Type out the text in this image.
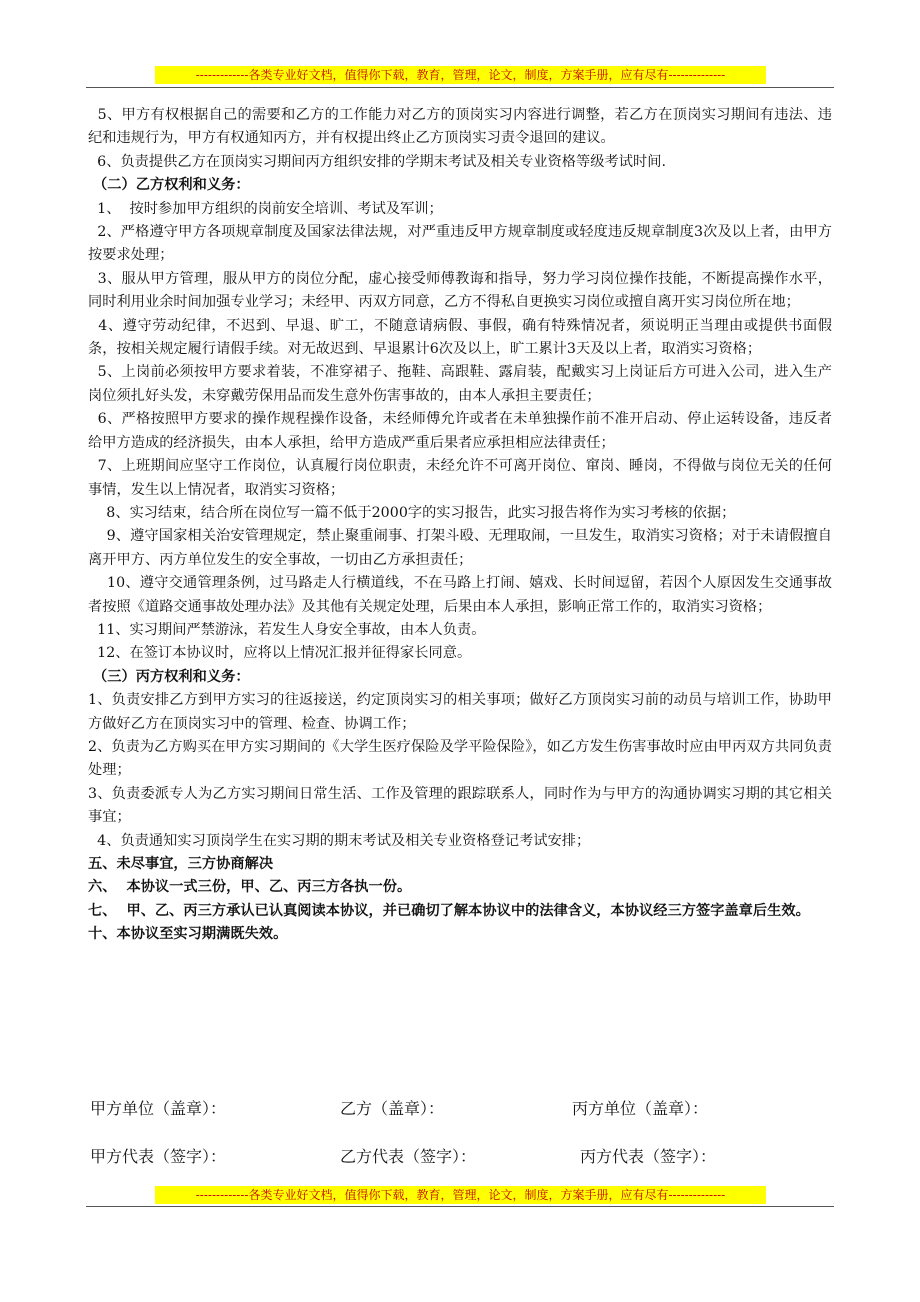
-------------各类专业好文档，值得你下载，教育，管理，论文，制度，方案手册，应有尽有--------------

5、甲方有权根据自己的需要和乙方的工作能力对乙方的顶岗实习内容进行调整，若乙方在顶岗实习期间有违法、违纪和违规行为，甲方有权通知丙方，并有权提出终止乙方顶岗实习责令退回的建议。

6、负责提供乙方在顶岗实习期间丙方组织安排的学期末考试及相关专业资格等级考试时间.

（二）乙方权利和义务：

1、  按时参加甲方组织的岗前安全培训、考试及军训；

2、严格遵守甲方各项规章制度及国家法律法规，对严重违反甲方规章制度或轻度违反规章制度3次及以上者，由甲方按要求处理；

3、服从甲方管理，服从甲方的岗位分配，虚心接受师傅教诲和指导，努力学习岗位操作技能，不断提高操作水平，同时利用业余时间加强专业学习；未经甲、丙双方同意，乙方不得私自更换实习岗位或擅自离开实习岗位所在地；

4、遵守劳动纪律，不迟到、早退、旷工，不随意请病假、事假，确有特殊情况者，须说明正当理由或提供书面假条，按相关规定履行请假手续。对无故迟到、早退累计6次及以上，旷工累计3天及以上者，取消实习资格；

5、上岗前必须按甲方要求着装，不准穿裙子、拖鞋、高跟鞋、露肩装，配戴实习上岗证后方可进入公司，进入生产岗位须扎好头发，未穿戴劳保用品而发生意外伤害事故的，由本人承担主要责任；

6、严格按照甲方要求的操作规程操作设备，未经师傅允许或者在未单独操作前不准开启动、停止运转设备，违反者给甲方造成的经济损失，由本人承担，给甲方造成严重后果者应承担相应法律责任；

7、上班期间应坚守工作岗位，认真履行岗位职责，未经允许不可离开岗位、窜岗、睡岗，不得做与岗位无关的任何事情，发生以上情况者，取消实习资格；

8、实习结束，结合所在岗位写一篇不低于2000字的实习报告，此实习报告将作为实习考核的依据；

9、遵守国家相关治安管理规定，禁止聚重闹事、打架斗殴、无理取闹，一旦发生，取消实习资格；对于未请假擅自离开甲方、丙方单位发生的安全事故，一切由乙方承担责任；

10、遵守交通管理条例，过马路走人行横道线，不在马路上打闹、嬉戏、长时间逗留，若因个人原因发生交通事故者按照《道路交通事故处理办法》及其他有关规定处理，后果由本人承担，影响正常工作的，取消实习资格；

11、实习期间严禁游泳，若发生人身安全事故，由本人负责。

12、在签订本协议时，应将以上情况汇报并征得家长同意。

（三）丙方权利和义务：

1、负责安排乙方到甲方实习的往返接送，约定顶岗实习的相关事项；做好乙方顶岗实习前的动员与培训工作，协助甲方做好乙方在顶岗实习中的管理、检查、协调工作；

2、负责为乙方购买在甲方实习期间的《大学生医疗保险及学平险保险》，如乙方发生伤害事故时应由甲丙双方共同负责处理；

3、负责委派专人为乙方实习期间日常生活、工作及管理的跟踪联系人，同时作为与甲方的沟通协调实习期的其它相关事宜；

4、负责通知实习顶岗学生在实习期的期末考试及相关专业资格登记考试安排；

五、未尽事宜，三方协商解决

六、  本协议一式三份，甲、乙、丙三方各执一份。

七、  甲、乙、丙三方承认已认真阅读本协议，并已确切了解本协议中的法律含义，本协议经三方签字盖章后生效。

十、本协议至实习期满既失效。

甲方单位（盖章）：	乙方（盖章）：	丙方单位（盖章）：
甲方代表（签字）：	乙方代表（签字）：	丙方代表（签字）：
-------------各类专业好文档，值得你下载，教育，管理，论文，制度，方案手册，应有尽有--------------
